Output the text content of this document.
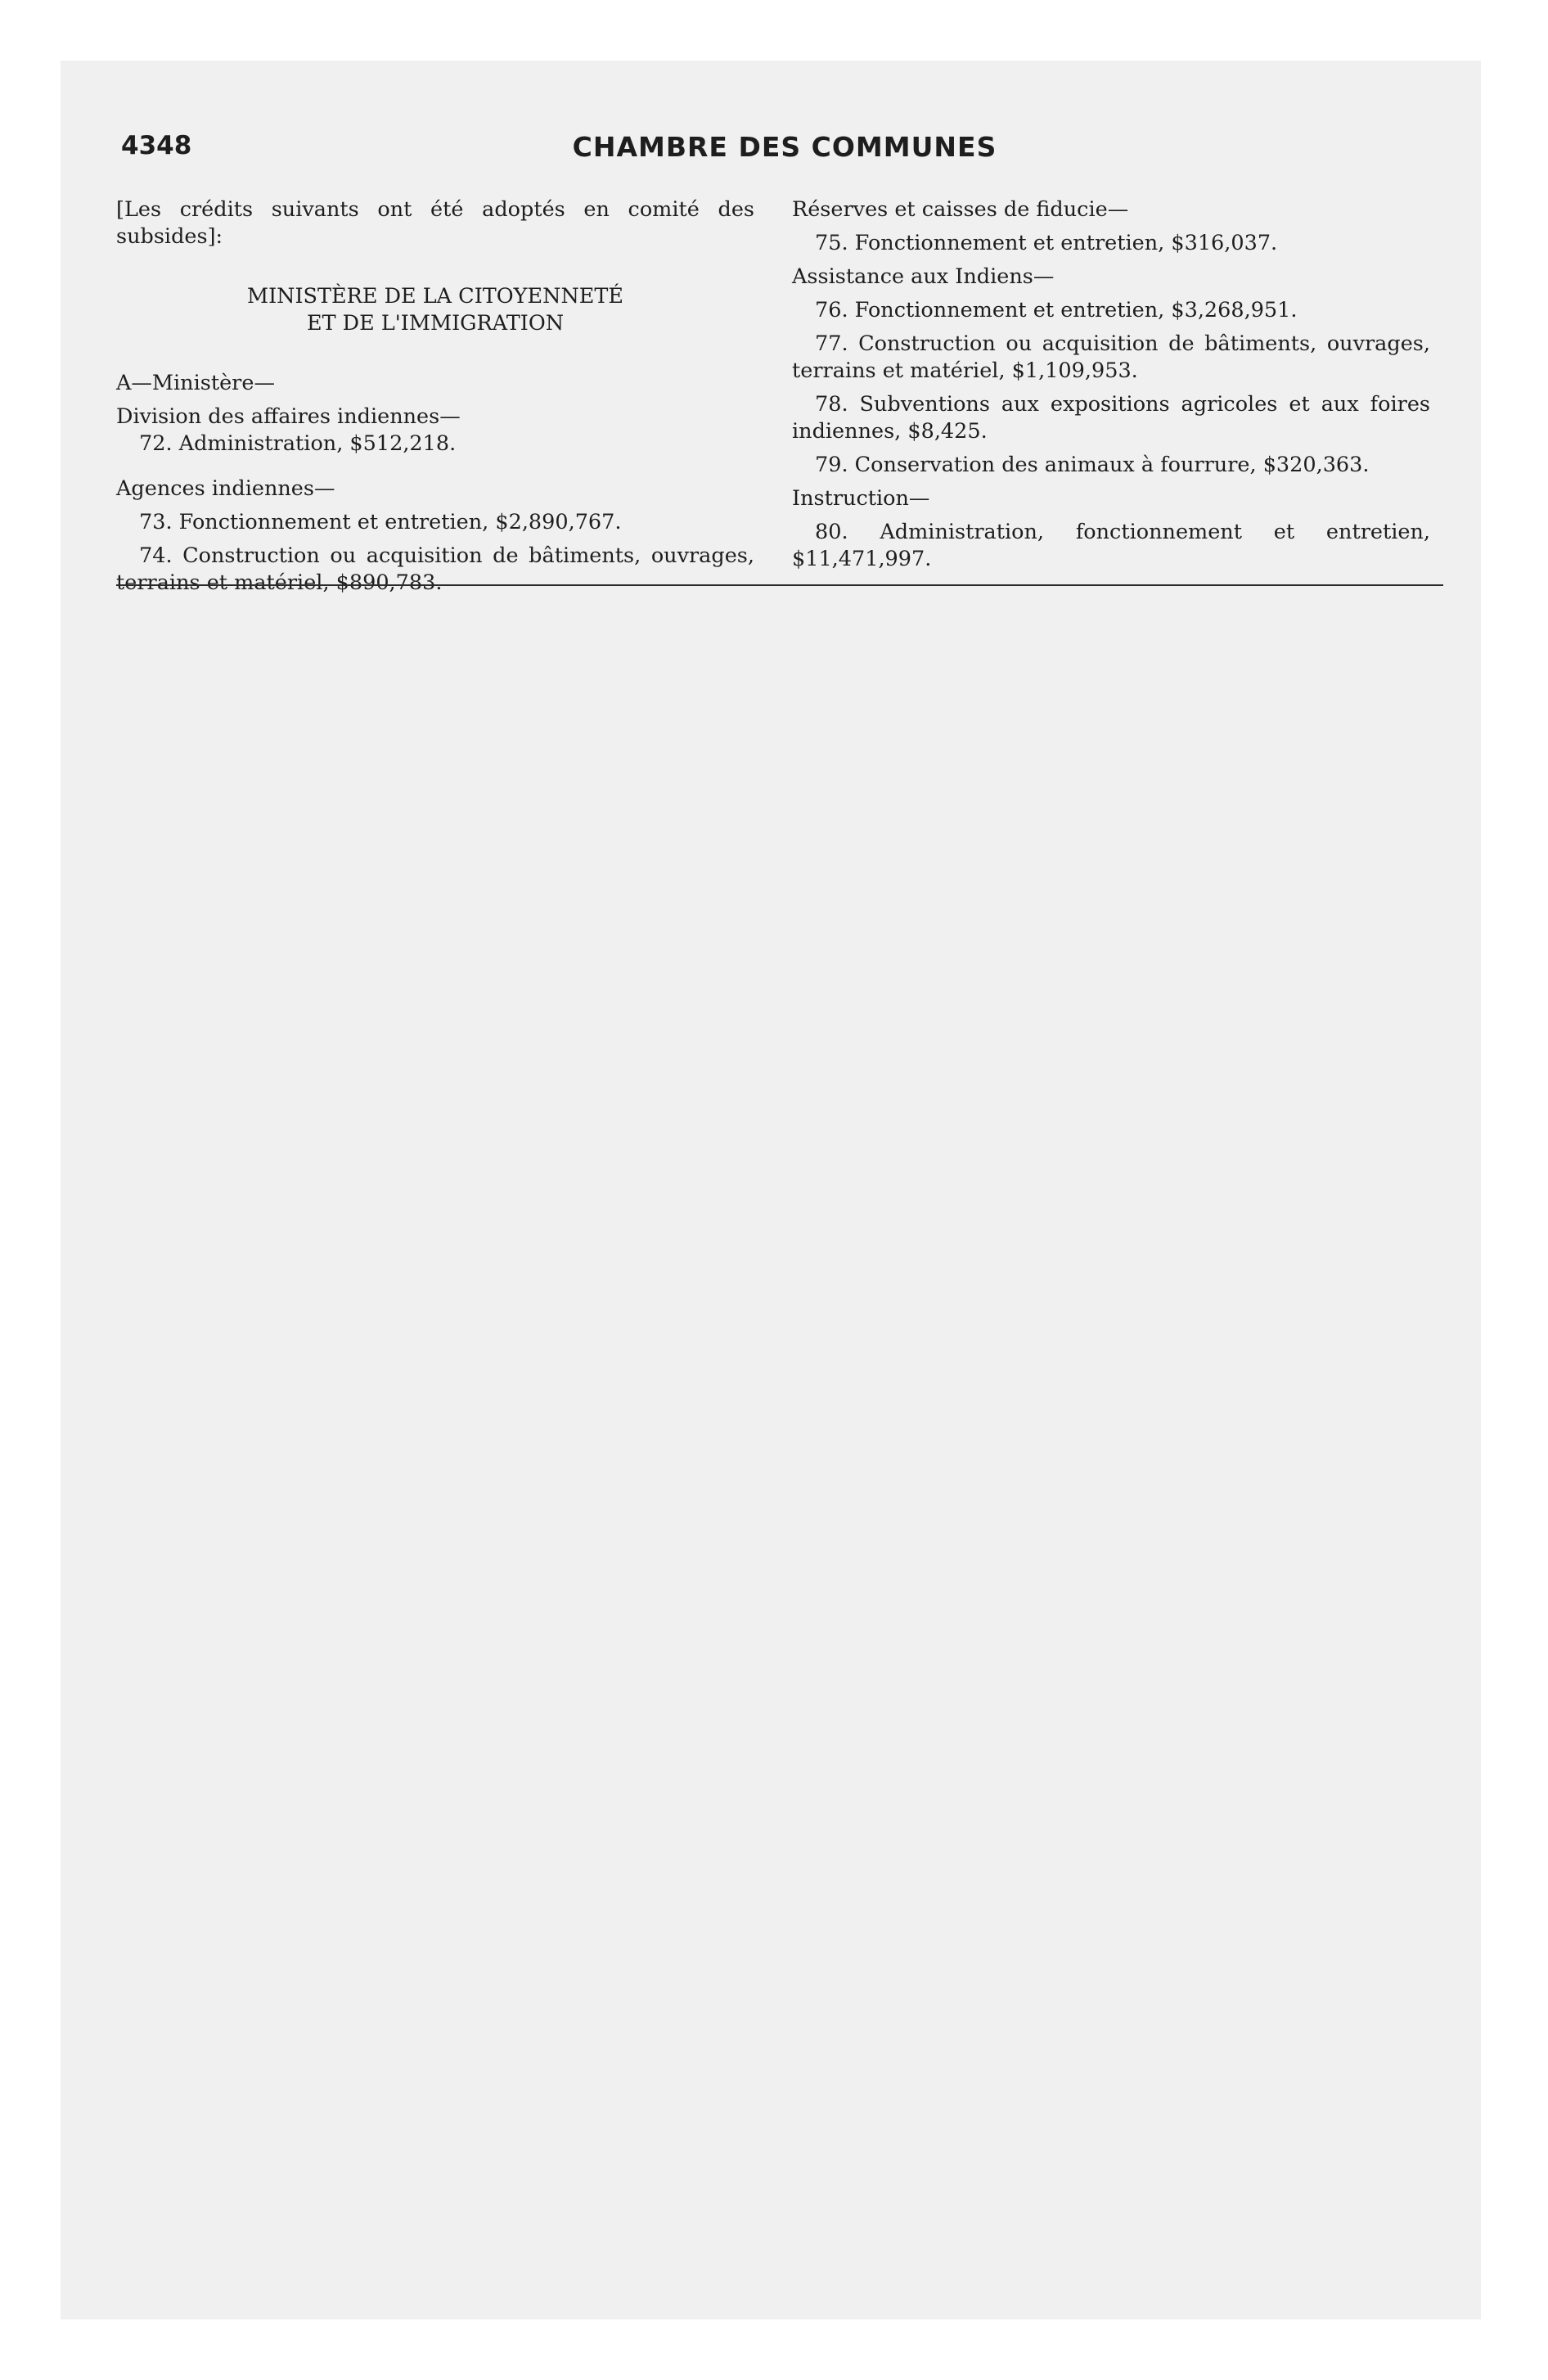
4348	CHAMBRE DES COMMUNES

[Les crédits suivants ont été adoptés en comité des subsides]:

MINISTÈRE DE LA CITOYENNETÉ

ET DE L'IMMIGRATION

A—Ministère—

Division des affaires indiennes—

72. Administration, $512,218.

Agences indiennes—

73. Fonctionnement et entretien, $2,890,767.

74. Construction ou acquisition de bâtiments, ouvrages, terrains et matériel, $890,783.

Réserves et caisses de fiducie—

75. Fonctionnement et entretien, $316,037.

Assistance aux Indiens—

76. Fonctionnement et entretien, $3,268,951.

77. Construction ou acquisition de bâtiments, ouvrages, terrains et matériel, $1,109,953.

78. Subventions aux expositions agricoles et aux foires indiennes, $8,425.

79. Conservation des animaux à fourrure, $320,363.

Instruction—

80. Administration, fonctionnement et entretien, $11,471,997.
